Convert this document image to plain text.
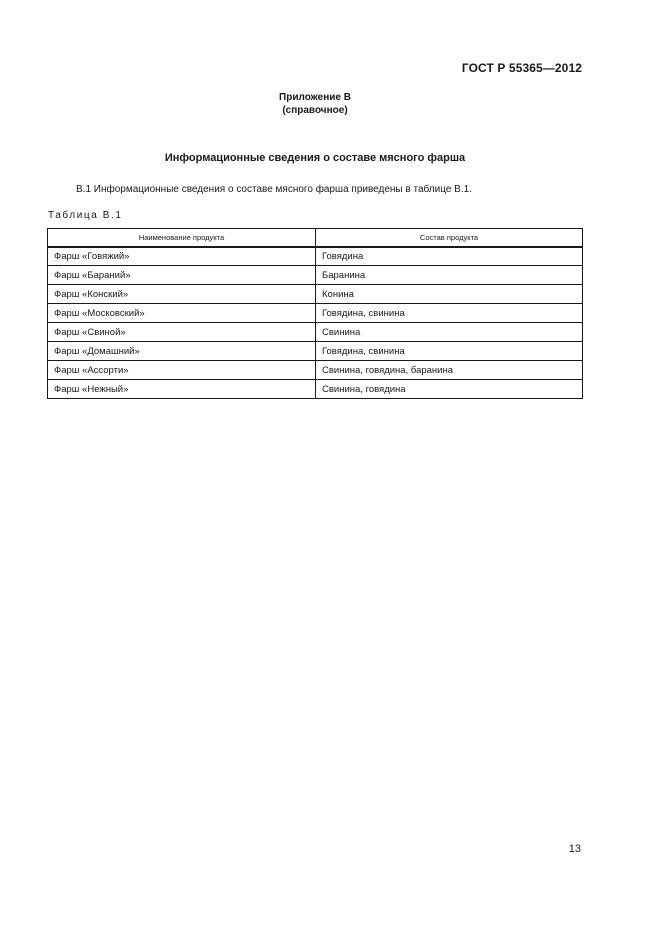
ГОСТ Р 55365—2012
Приложение В
(справочное)
Информационные сведения о составе мясного фарша
В.1 Информационные сведения о составе мясного фарша приведены в таблице В.1.
Таблица В.1
Наименование продукта	Состав продукта
Фарш «Говяжий»	Говядина
Фарш «Бараний»	Баранина
Фарш «Конский»	Конина
Фарш «Московский»	Говядина, свинина
Фарш «Свиной»	Свинина
Фарш «Домашний»	Говядина, свинина
Фарш «Ассорти»	Свинина, говядина, баранина
Фарш «Нежный»	Свинина, говядина
13
